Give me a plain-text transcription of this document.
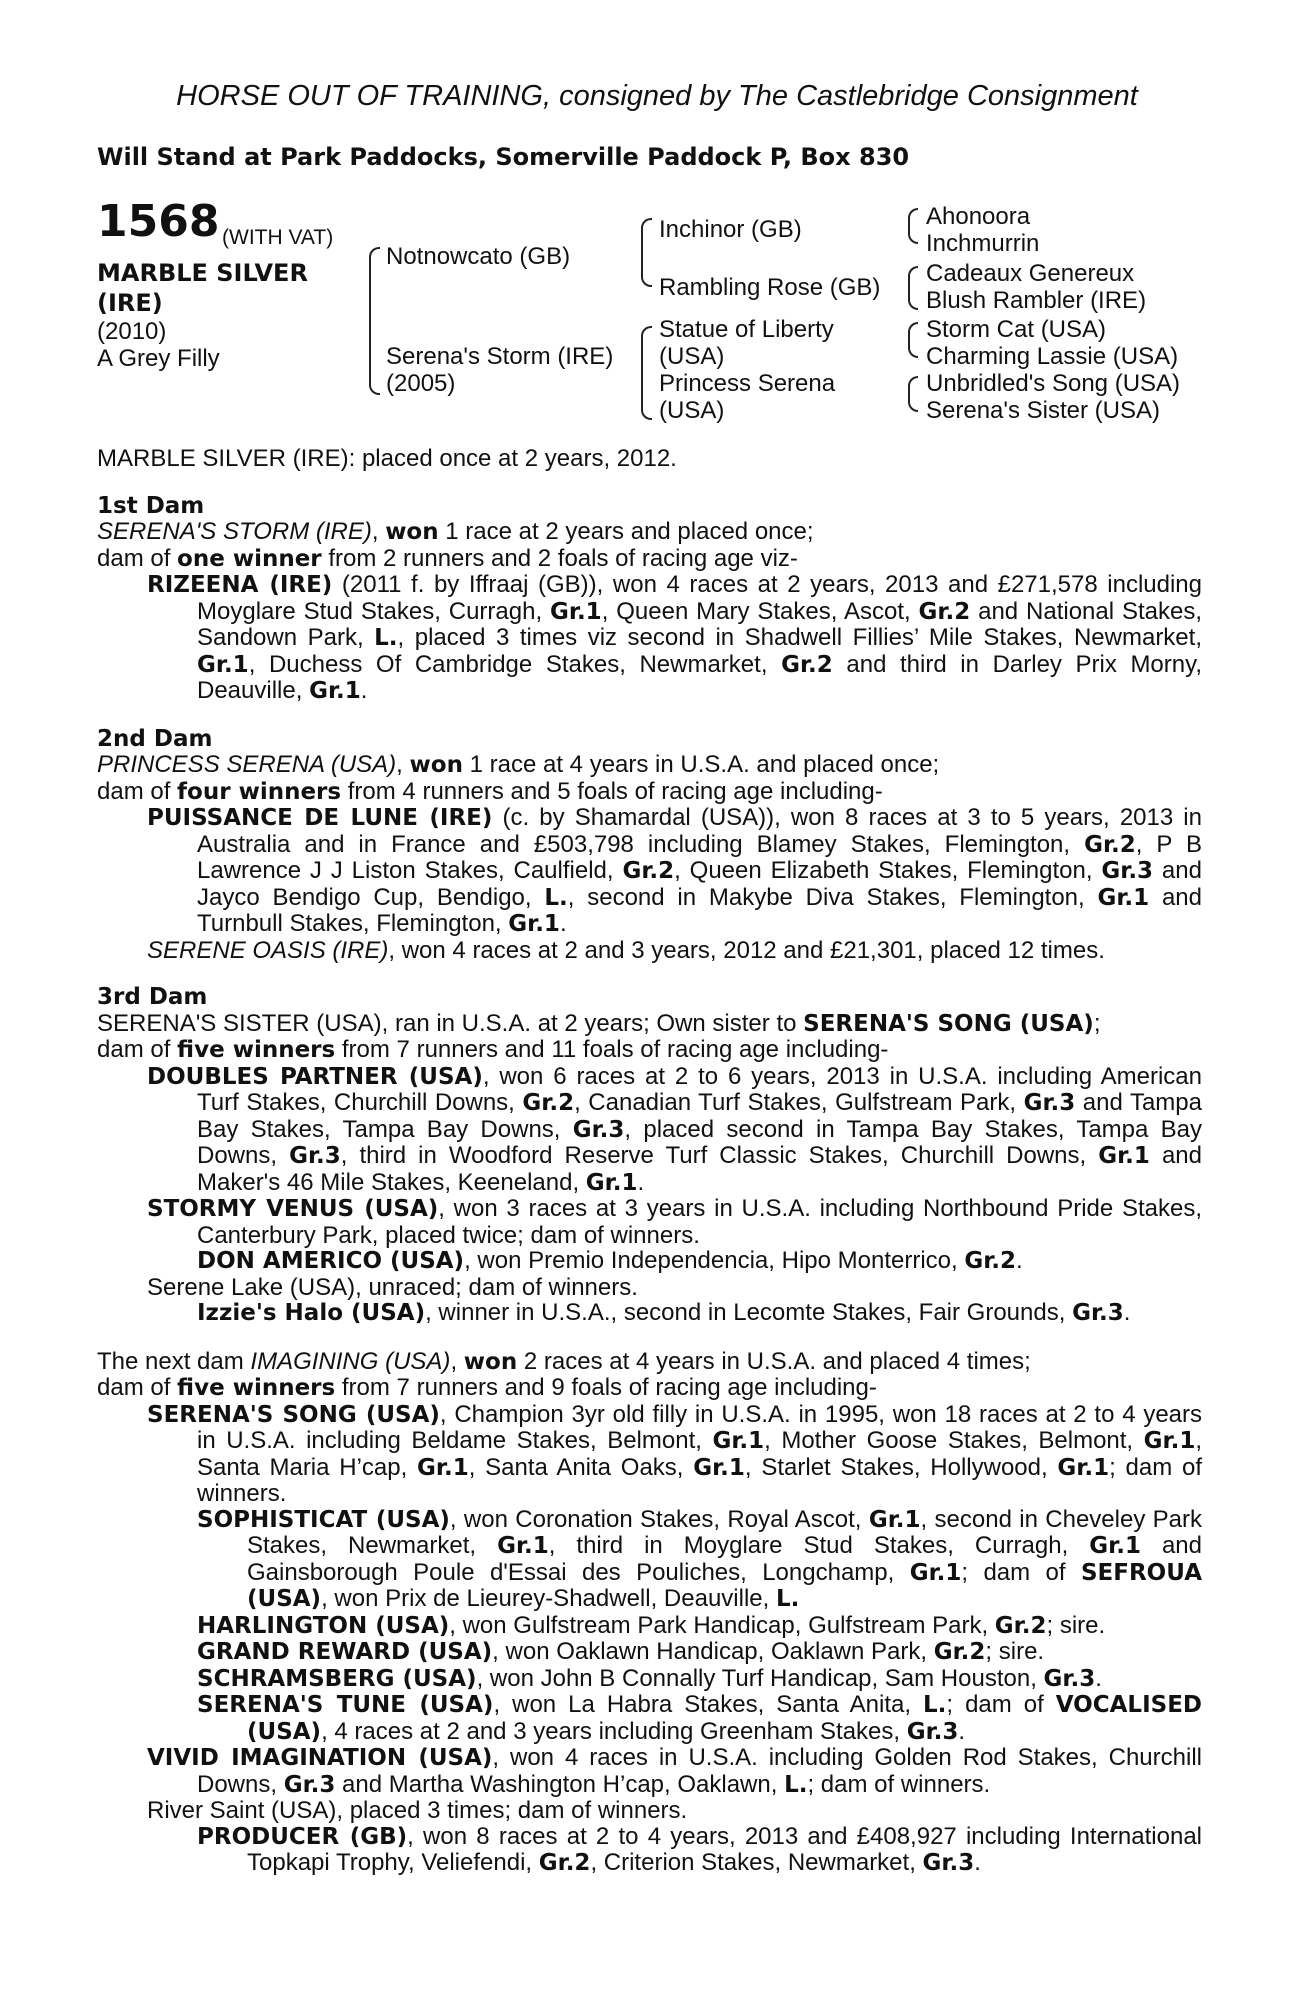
HORSE OUT OF TRAINING, consigned by The Castlebridge Consignment
Will Stand at Park Paddocks, Somerville Paddock P, Box 830
1568 (WITH VAT)
MARBLE SILVER
(IRE)
(2010)
A Grey Filly
Notnowcato (GB)
Serena's Storm (IRE)
(2005)
Inchinor (GB)
Rambling Rose (GB)
Statue of Liberty
(USA)
Princess Serena
(USA)
Ahonoora
Inchmurrin
Cadeaux Genereux
Blush Rambler (IRE)
Storm Cat (USA)
Charming Lassie (USA)
Unbridled's Song (USA)
Serena's Sister (USA)

MARBLE SILVER (IRE): placed once at 2 years, 2012.

1st Dam

SERENA'S STORM (IRE), won 1 race at 2 years and placed once;

dam of one winner from 2 runners and 2 foals of racing age viz-

RIZEENA (IRE) (2011 f. by Iffraaj (GB)), won 4 races at 2 years, 2013 and £271,578 including Moyglare Stud Stakes, Curragh, Gr.1, Queen Mary Stakes, Ascot, Gr.2 and National Stakes, Sandown Park, L., placed 3 times viz second in Shadwell Fillies’ Mile Stakes, Newmarket, Gr.1, Duchess Of Cambridge Stakes, Newmarket, Gr.2 and third in Darley Prix Morny, Deauville, Gr.1.

2nd Dam

PRINCESS SERENA (USA), won 1 race at 4 years in U.S.A. and placed once;

dam of four winners from 4 runners and 5 foals of racing age including-

PUISSANCE DE LUNE (IRE) (c. by Shamardal (USA)), won 8 races at 3 to 5 years, 2013 in Australia and in France and £503,798 including Blamey Stakes, Flemington, Gr.2, P B Lawrence J J Liston Stakes, Caulfield, Gr.2, Queen Elizabeth Stakes, Flemington, Gr.3 and Jayco Bendigo Cup, Bendigo, L., second in Makybe Diva Stakes, Flemington, Gr.1 and Turnbull Stakes, Flemington, Gr.1.

SERENE OASIS (IRE), won 4 races at 2 and 3 years, 2012 and £21,301, placed 12 times.

3rd Dam

SERENA'S SISTER (USA), ran in U.S.A. at 2 years; Own sister to SERENA'S SONG (USA);

dam of five winners from 7 runners and 11 foals of racing age including-

DOUBLES PARTNER (USA), won 6 races at 2 to 6 years, 2013 in U.S.A. including American Turf Stakes, Churchill Downs, Gr.2, Canadian Turf Stakes, Gulfstream Park, Gr.3 and Tampa Bay Stakes, Tampa Bay Downs, Gr.3, placed second in Tampa Bay Stakes, Tampa Bay Downs, Gr.3, third in Woodford Reserve Turf Classic Stakes, Churchill Downs, Gr.1 and Maker's 46 Mile Stakes, Keeneland, Gr.1.

STORMY VENUS (USA), won 3 races at 3 years in U.S.A. including Northbound Pride Stakes, Canterbury Park, placed twice; dam of winners.

DON AMERICO (USA), won Premio Independencia, Hipo Monterrico, Gr.2.

Serene Lake (USA), unraced; dam of winners.

Izzie's Halo (USA), winner in U.S.A., second in Lecomte Stakes, Fair Grounds, Gr.3.

The next dam IMAGINING (USA), won 2 races at 4 years in U.S.A. and placed 4 times;

dam of five winners from 7 runners and 9 foals of racing age including-

SERENA'S SONG (USA), Champion 3yr old filly in U.S.A. in 1995, won 18 races at 2 to 4 years in U.S.A. including Beldame Stakes, Belmont, Gr.1, Mother Goose Stakes, Belmont, Gr.1, Santa Maria H’cap, Gr.1, Santa Anita Oaks, Gr.1, Starlet Stakes, Hollywood, Gr.1; dam of winners.

SOPHISTICAT (USA), won Coronation Stakes, Royal Ascot, Gr.1, second in Cheveley Park Stakes, Newmarket, Gr.1, third in Moyglare Stud Stakes, Curragh, Gr.1 and Gainsborough Poule d'Essai des Pouliches, Longchamp, Gr.1; dam of SEFROUA (USA), won Prix de Lieurey-Shadwell, Deauville, L.

HARLINGTON (USA), won Gulfstream Park Handicap, Gulfstream Park, Gr.2; sire.

GRAND REWARD (USA), won Oaklawn Handicap, Oaklawn Park, Gr.2; sire.

SCHRAMSBERG (USA), won John B Connally Turf Handicap, Sam Houston, Gr.3.

SERENA'S TUNE (USA), won La Habra Stakes, Santa Anita, L.; dam of VOCALISED (USA), 4 races at 2 and 3 years including Greenham Stakes, Gr.3.

VIVID IMAGINATION (USA), won 4 races in U.S.A. including Golden Rod Stakes, Churchill Downs, Gr.3 and Martha Washington H’cap, Oaklawn, L.; dam of winners.

River Saint (USA), placed 3 times; dam of winners.

PRODUCER (GB), won 8 races at 2 to 4 years, 2013 and £408,927 including International Topkapi Trophy, Veliefendi, Gr.2, Criterion Stakes, Newmarket, Gr.3.
